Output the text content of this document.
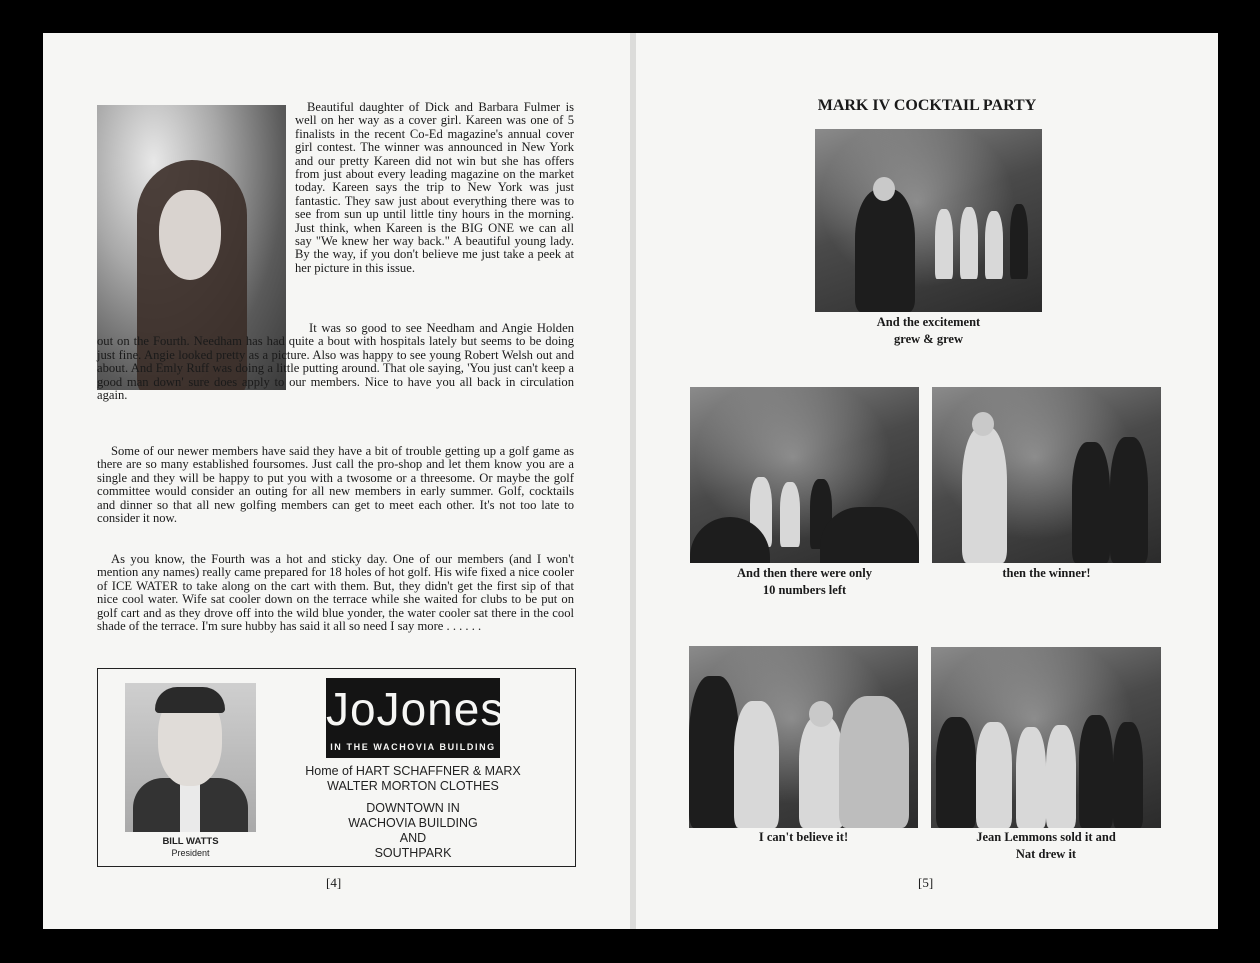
Beautiful daughter of Dick and Barbara Fulmer is well on her way as a cover girl. Kareen was one of 5 finalists in the recent Co-Ed magazine's annual cover girl contest. The winner was announced in New York and our pretty Kareen did not win but she has offers from just about every leading magazine on the market today. Kareen says the trip to New York was just fantastic. They saw just about everything there was to see from sun up until little tiny hours in the morning. Just think, when Kareen is the BIG ONE we can all say "We knew her way back." A beautiful young lady. By the way, if you don't believe me just take a peek at her picture in this issue.

It was so good to see Needham and Angie Holden out on the Fourth. Needham has had quite a bout with hospitals lately but seems to be doing just fine. Angie looked pretty as a picture. Also was happy to see young Robert Welsh out and about. And Emly Ruff was doing a little putting around. That ole saying, 'You just can't keep a good man down' sure does apply to our members. Nice to have you all back in circulation again.

Some of our newer members have said they have a bit of trouble getting up a golf game as there are so many established foursomes. Just call the pro-shop and let them know you are a single and they will be happy to put you with a twosome or a threesome. Or maybe the golf committee would consider an outing for all new members in early summer. Golf, cocktails and dinner so that all new golfing members can get to meet each other. It's not too late to consider it now.

As you know, the Fourth was a hot and sticky day. One of our members (and I won't mention any names) really came prepared for 18 holes of hot golf. His wife fixed a nice cooler of ICE WATER to take along on the cart with them. But, they didn't get the first sip of that nice cool water. Wife sat cooler down on the terrace while she waited for clubs to be put on golf cart and as they drove off into the wild blue yonder, the water cooler sat there in the cool shade of the terrace. I'm sure hubby has said it all so need I say more . . . . . .

BILL WATTS
President
JoJones
IN THE WACHOVIA BUILDING
Home of HART SCHAFFNER & MARX
WALTER MORTON CLOTHES
DOWNTOWN IN
WACHOVIA BUILDING
AND
SOUTHPARK
[4]
MARK IV COCKTAIL PARTY
And the excitement
grew & grew
And then there were only
10 numbers left
then the winner!
I can't believe it!	Jean Lemmons sold it and
Nat drew it
[5]
